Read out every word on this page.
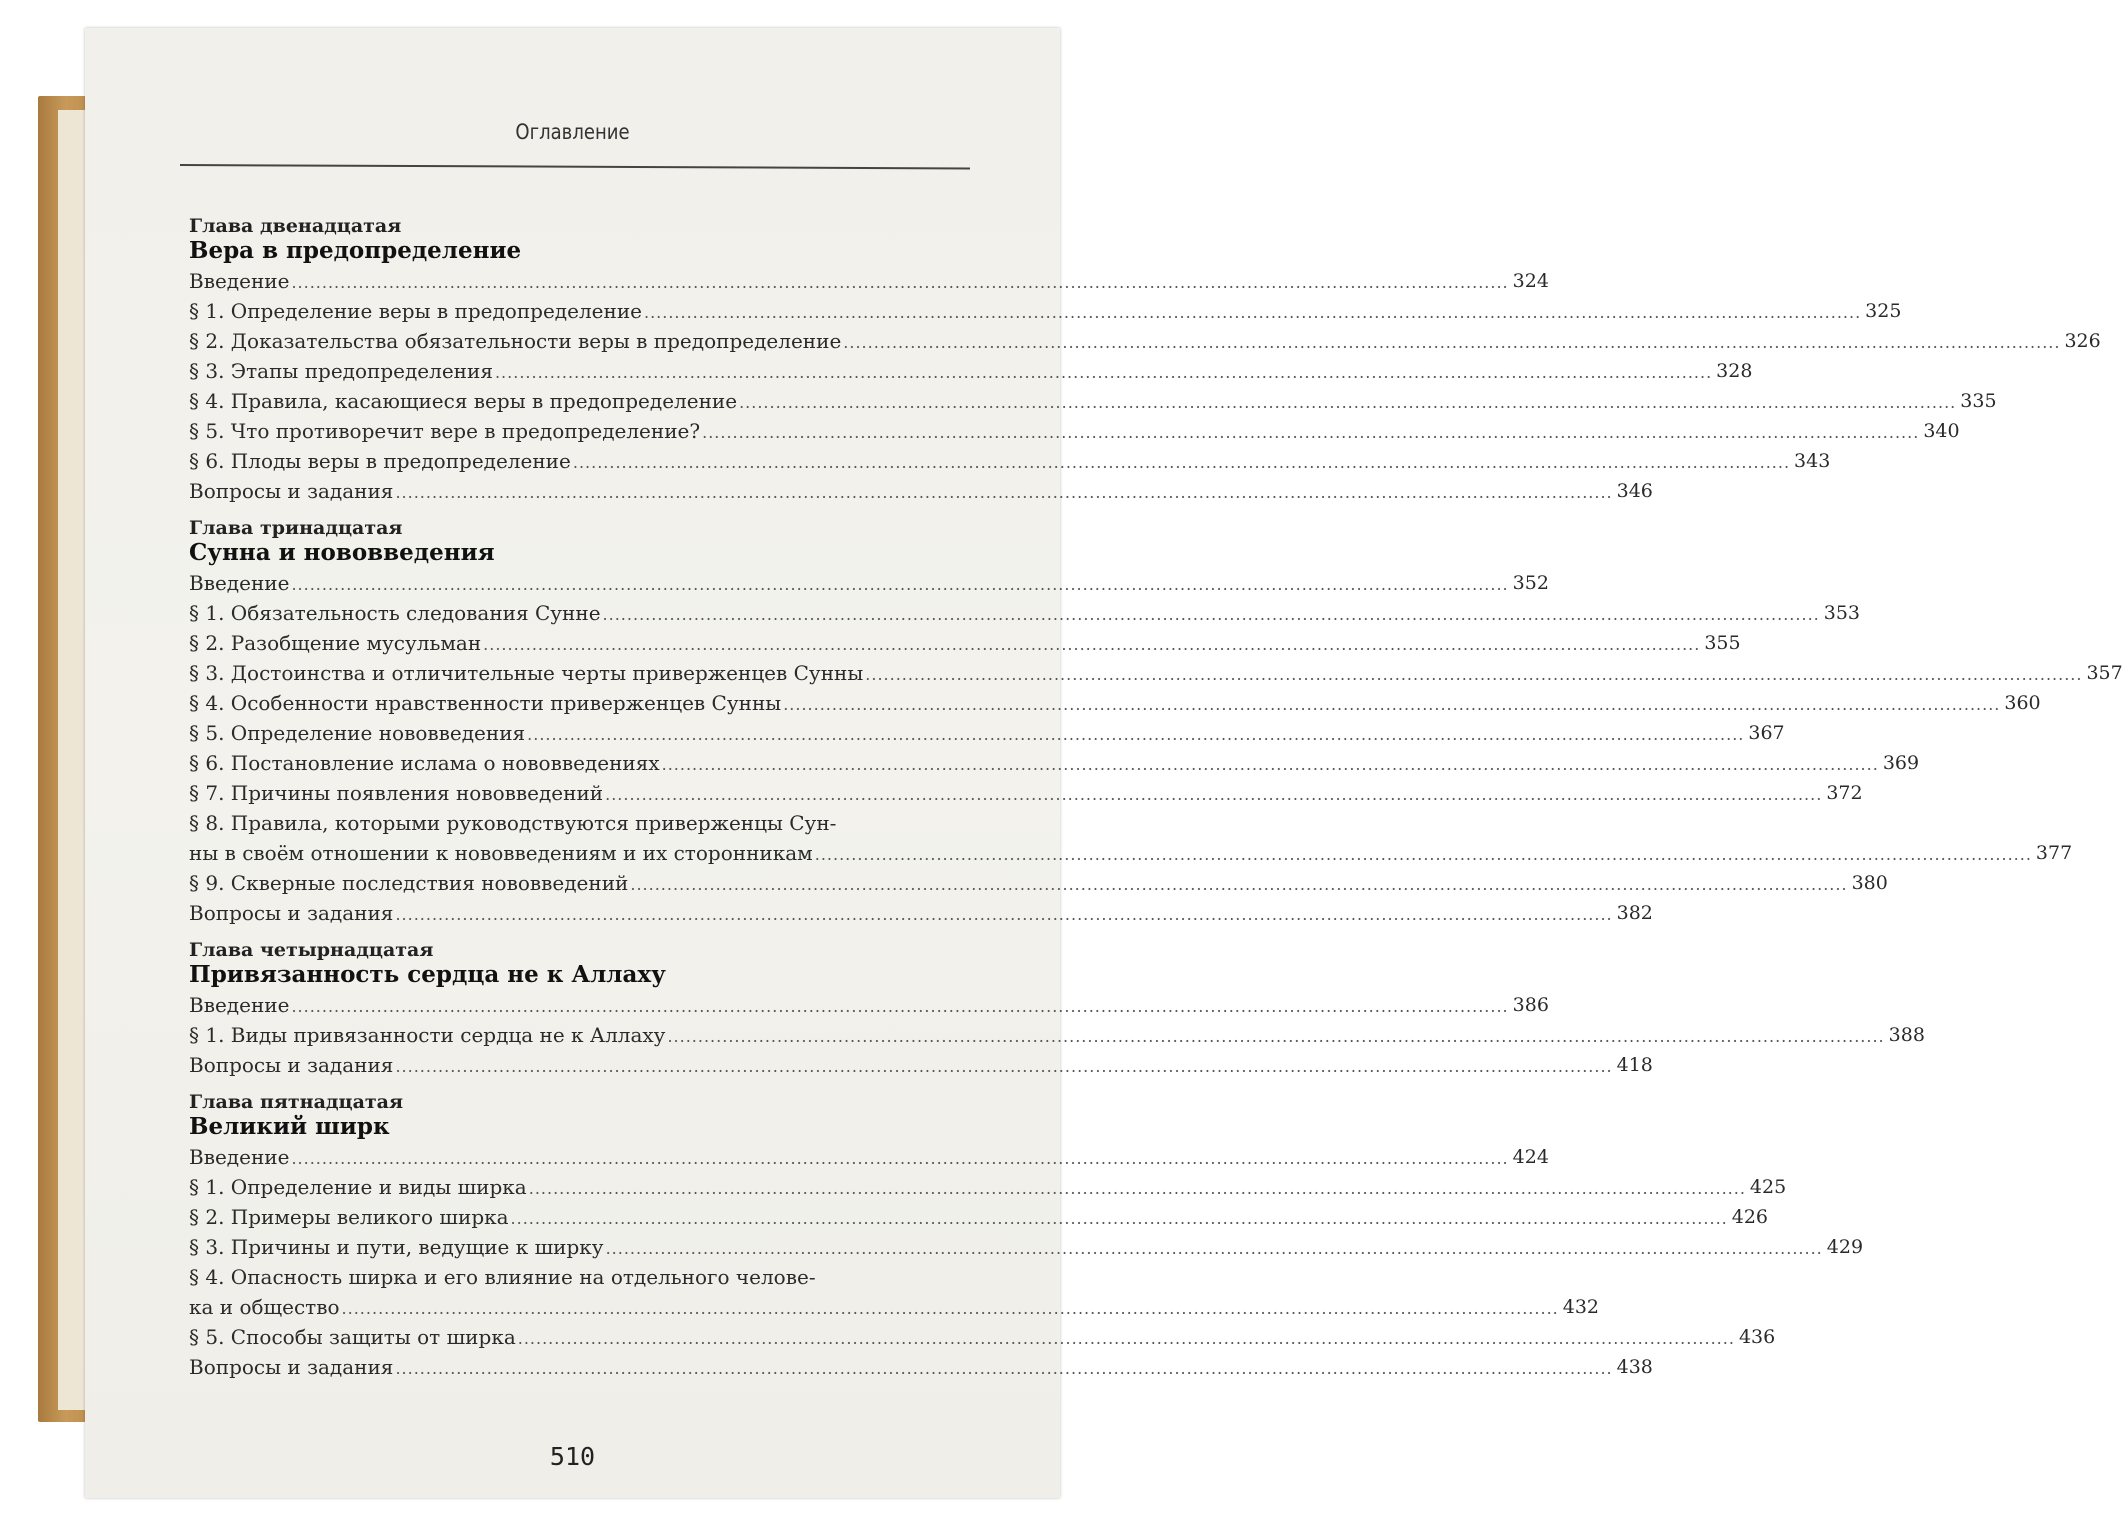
Оглавление
Глава двенадцатая
Вера в предопределение
Введение ........................................................................................................................................................................................................ 324
§ 1. Определение веры в предопределение ........................................................................................................................................................................................................ 325
§ 2. Доказательства обязательности веры в предопределение ........................................................................................................................................................................................................ 326
§ 3. Этапы предопределения ........................................................................................................................................................................................................ 328
§ 4. Правила, касающиеся веры в предопределение ........................................................................................................................................................................................................ 335
§ 5. Что противоречит вере в предопределение? ........................................................................................................................................................................................................ 340
§ 6. Плоды веры в предопределение ........................................................................................................................................................................................................ 343
Вопросы и задания ........................................................................................................................................................................................................ 346
Глава тринадцатая
Сунна и нововведения
Введение ........................................................................................................................................................................................................ 352
§ 1. Обязательность следования Сунне ........................................................................................................................................................................................................ 353
§ 2. Разобщение мусульман ........................................................................................................................................................................................................ 355
§ 3. Достоинства и отличительные черты приверженцев Сунны ........................................................................................................................................................................................................ 357
§ 4. Особенности нравственности приверженцев Сунны ........................................................................................................................................................................................................ 360
§ 5. Определение нововведения ........................................................................................................................................................................................................ 367
§ 6. Постановление ислама о нововведениях ........................................................................................................................................................................................................ 369
§ 7. Причины появления нововведений ........................................................................................................................................................................................................ 372
§ 8. Правила, которыми руководствуются приверженцы Сун-
ны в своём отношении к нововведениям и их сторонникам ........................................................................................................................................................................................................ 377
§ 9. Скверные последствия нововведений ........................................................................................................................................................................................................ 380
Вопросы и задания ........................................................................................................................................................................................................ 382
Глава четырнадцатая
Привязанность сердца не к Аллаху
Введение ........................................................................................................................................................................................................ 386
§ 1. Виды привязанности сердца не к Аллаху ........................................................................................................................................................................................................ 388
Вопросы и задания ........................................................................................................................................................................................................ 418
Глава пятнадцатая
Великий ширк
Введение ........................................................................................................................................................................................................ 424
§ 1. Определение и виды ширка ........................................................................................................................................................................................................ 425
§ 2. Примеры великого ширка ........................................................................................................................................................................................................ 426
§ 3. Причины и пути, ведущие к ширку ........................................................................................................................................................................................................ 429
§ 4. Опасность ширка и его влияние на отдельного челове-
ка и общество ........................................................................................................................................................................................................ 432
§ 5. Способы защиты от ширка ........................................................................................................................................................................................................ 436
Вопросы и задания ........................................................................................................................................................................................................ 438
510
